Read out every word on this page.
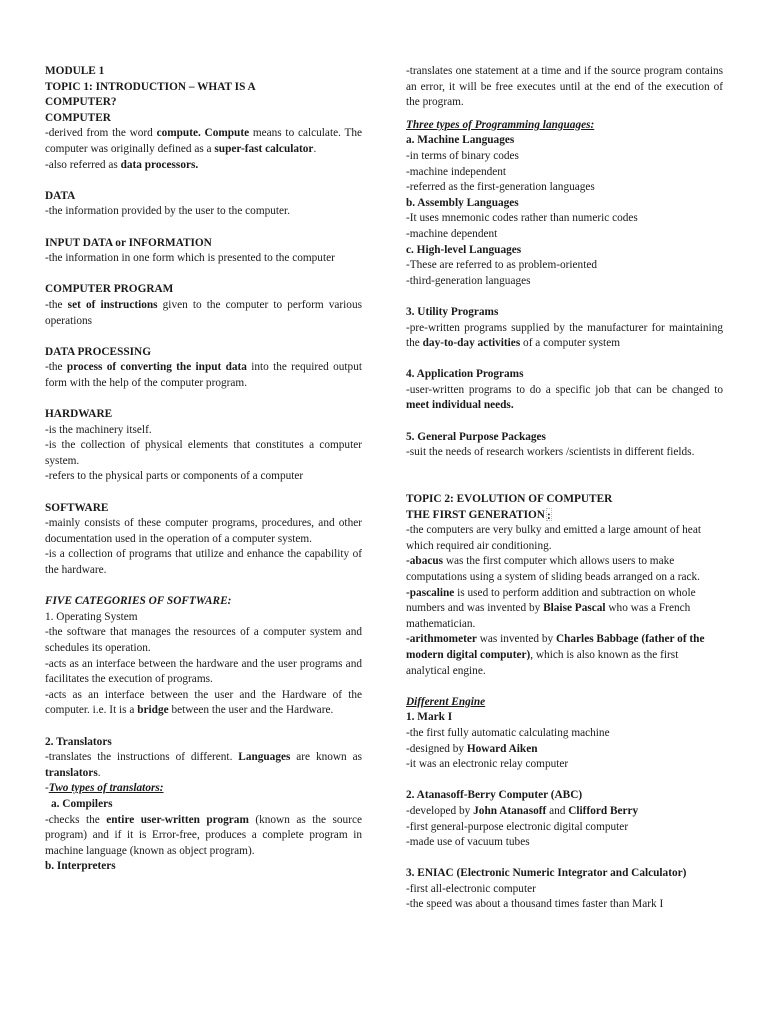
MODULE 1
TOPIC 1: INTRODUCTION – WHAT IS A
COMPUTER?
COMPUTER
-derived from the word compute. Compute means to calculate. The computer was originally defined as a super-fast calculator.
-also referred as data processors.
DATA
-the information provided by the user to the computer.
INPUT DATA or INFORMATION
-the information in one form which is presented to the computer
COMPUTER PROGRAM
-the set of instructions given to the computer to perform various operations
DATA PROCESSING
-the process of converting the input data into the required output form with the help of the computer program.
HARDWARE
-is the machinery itself.
-is the collection of physical elements that constitutes a computer system.
-refers to the physical parts or components of a computer
SOFTWARE
-mainly consists of these computer programs, procedures, and other documentation used in the operation of a computer system.
-is a collection of programs that utilize and enhance the capability of the hardware.
FIVE CATEGORIES OF SOFTWARE:
1. Operating System
-the software that manages the resources of a computer system and schedules its operation.
-acts as an interface between the hardware and the user programs and facilitates the execution of programs.
-acts as an interface between the user and the Hardware of the computer. i.e. It is a bridge between the user and the Hardware.
2. Translators
-translates the instructions of different. Languages are known as translators.
-Two types of translators:
a. Compilers
-checks the entire user-written program (known as the source program) and if it is Error-free, produces a complete program in machine language (known as object program).
b. Interpreters
-translates one statement at a time and if the source program contains an error, it will be free executes until at the end of the execution of the program.
Three types of Programming languages:
a. Machine Languages
-in terms of binary codes
-machine independent
-referred as the first-generation languages
b. Assembly Languages
-It uses mnemonic codes rather than numeric codes
-machine dependent
c. High-level Languages
-These are referred to as problem-oriented
-third-generation languages
3. Utility Programs
-pre-written programs supplied by the manufacturer for maintaining the day-to-day activities of a computer system
4. Application Programs
-user-written programs to do a specific job that can be changed to meet individual needs.
5. General Purpose Packages
-suit the needs of research workers /scientists in different fields.
TOPIC 2: EVOLUTION OF COMPUTER
THE FIRST GENERATION :
-the computers are very bulky and emitted a large amount of heat which required air conditioning.
-abacus was the first computer which allows users to make computations using a system of sliding beads arranged on a rack.
-pascaline is used to perform addition and subtraction on whole numbers and was invented by Blaise Pascal who was a French mathematician.
-arithmometer was invented by Charles Babbage (father of the modern digital computer), which is also known as the first analytical engine.
Different Engine
1. Mark I
-the first fully automatic calculating machine
-designed by Howard Aiken
-it was an electronic relay computer
2. Atanasoff-Berry Computer (ABC)
-developed by John Atanasoff and Clifford Berry
-first general-purpose electronic digital computer
-made use of vacuum tubes
3. ENIAC (Electronic Numeric Integrator and Calculator)
-first all-electronic computer
-the speed was about a thousand times faster than Mark I
